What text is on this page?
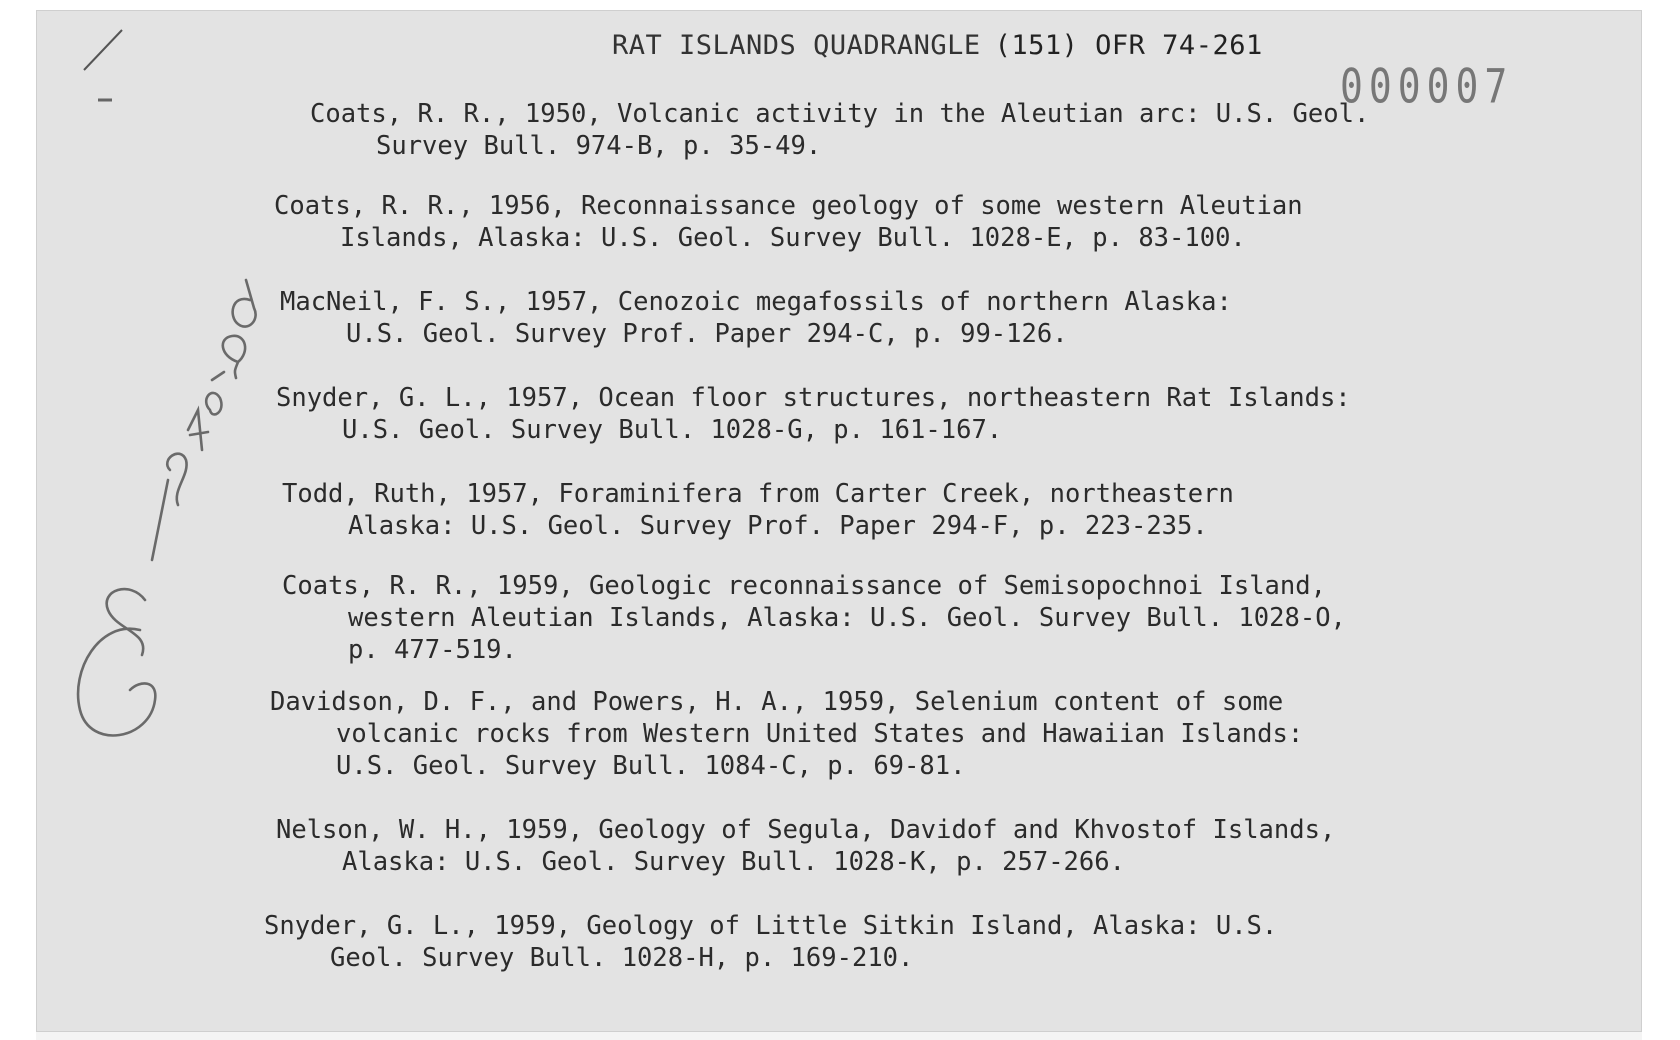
RAT ISLANDS QUADRANGLE (151) OFR 74-261
000007
Coats, R. R., 1950, Volcanic activity in the Aleutian arc: U.S. Geol.
Survey Bull. 974-B, p. 35-49.
Coats, R. R., 1956, Reconnaissance geology of some western Aleutian
Islands, Alaska: U.S. Geol. Survey Bull. 1028-E, p. 83-100.
MacNeil, F. S., 1957, Cenozoic megafossils of northern Alaska:
U.S. Geol. Survey Prof. Paper 294-C, p. 99-126.
Snyder, G. L., 1957, Ocean floor structures, northeastern Rat Islands:
U.S. Geol. Survey Bull. 1028-G, p. 161-167.
Todd, Ruth, 1957, Foraminifera from Carter Creek, northeastern
Alaska: U.S. Geol. Survey Prof. Paper 294-F, p. 223-235.
Coats, R. R., 1959, Geologic reconnaissance of Semisopochnoi Island,
western Aleutian Islands, Alaska: U.S. Geol. Survey Bull. 1028-O,
p. 477-519.
Davidson, D. F., and Powers, H. A., 1959, Selenium content of some
volcanic rocks from Western United States and Hawaiian Islands:
U.S. Geol. Survey Bull. 1084-C, p. 69-81.
Nelson, W. H., 1959, Geology of Segula, Davidof and Khvostof Islands,
Alaska: U.S. Geol. Survey Bull. 1028-K, p. 257-266.
Snyder, G. L., 1959, Geology of Little Sitkin Island, Alaska: U.S.
Geol. Survey Bull. 1028-H, p. 169-210.
